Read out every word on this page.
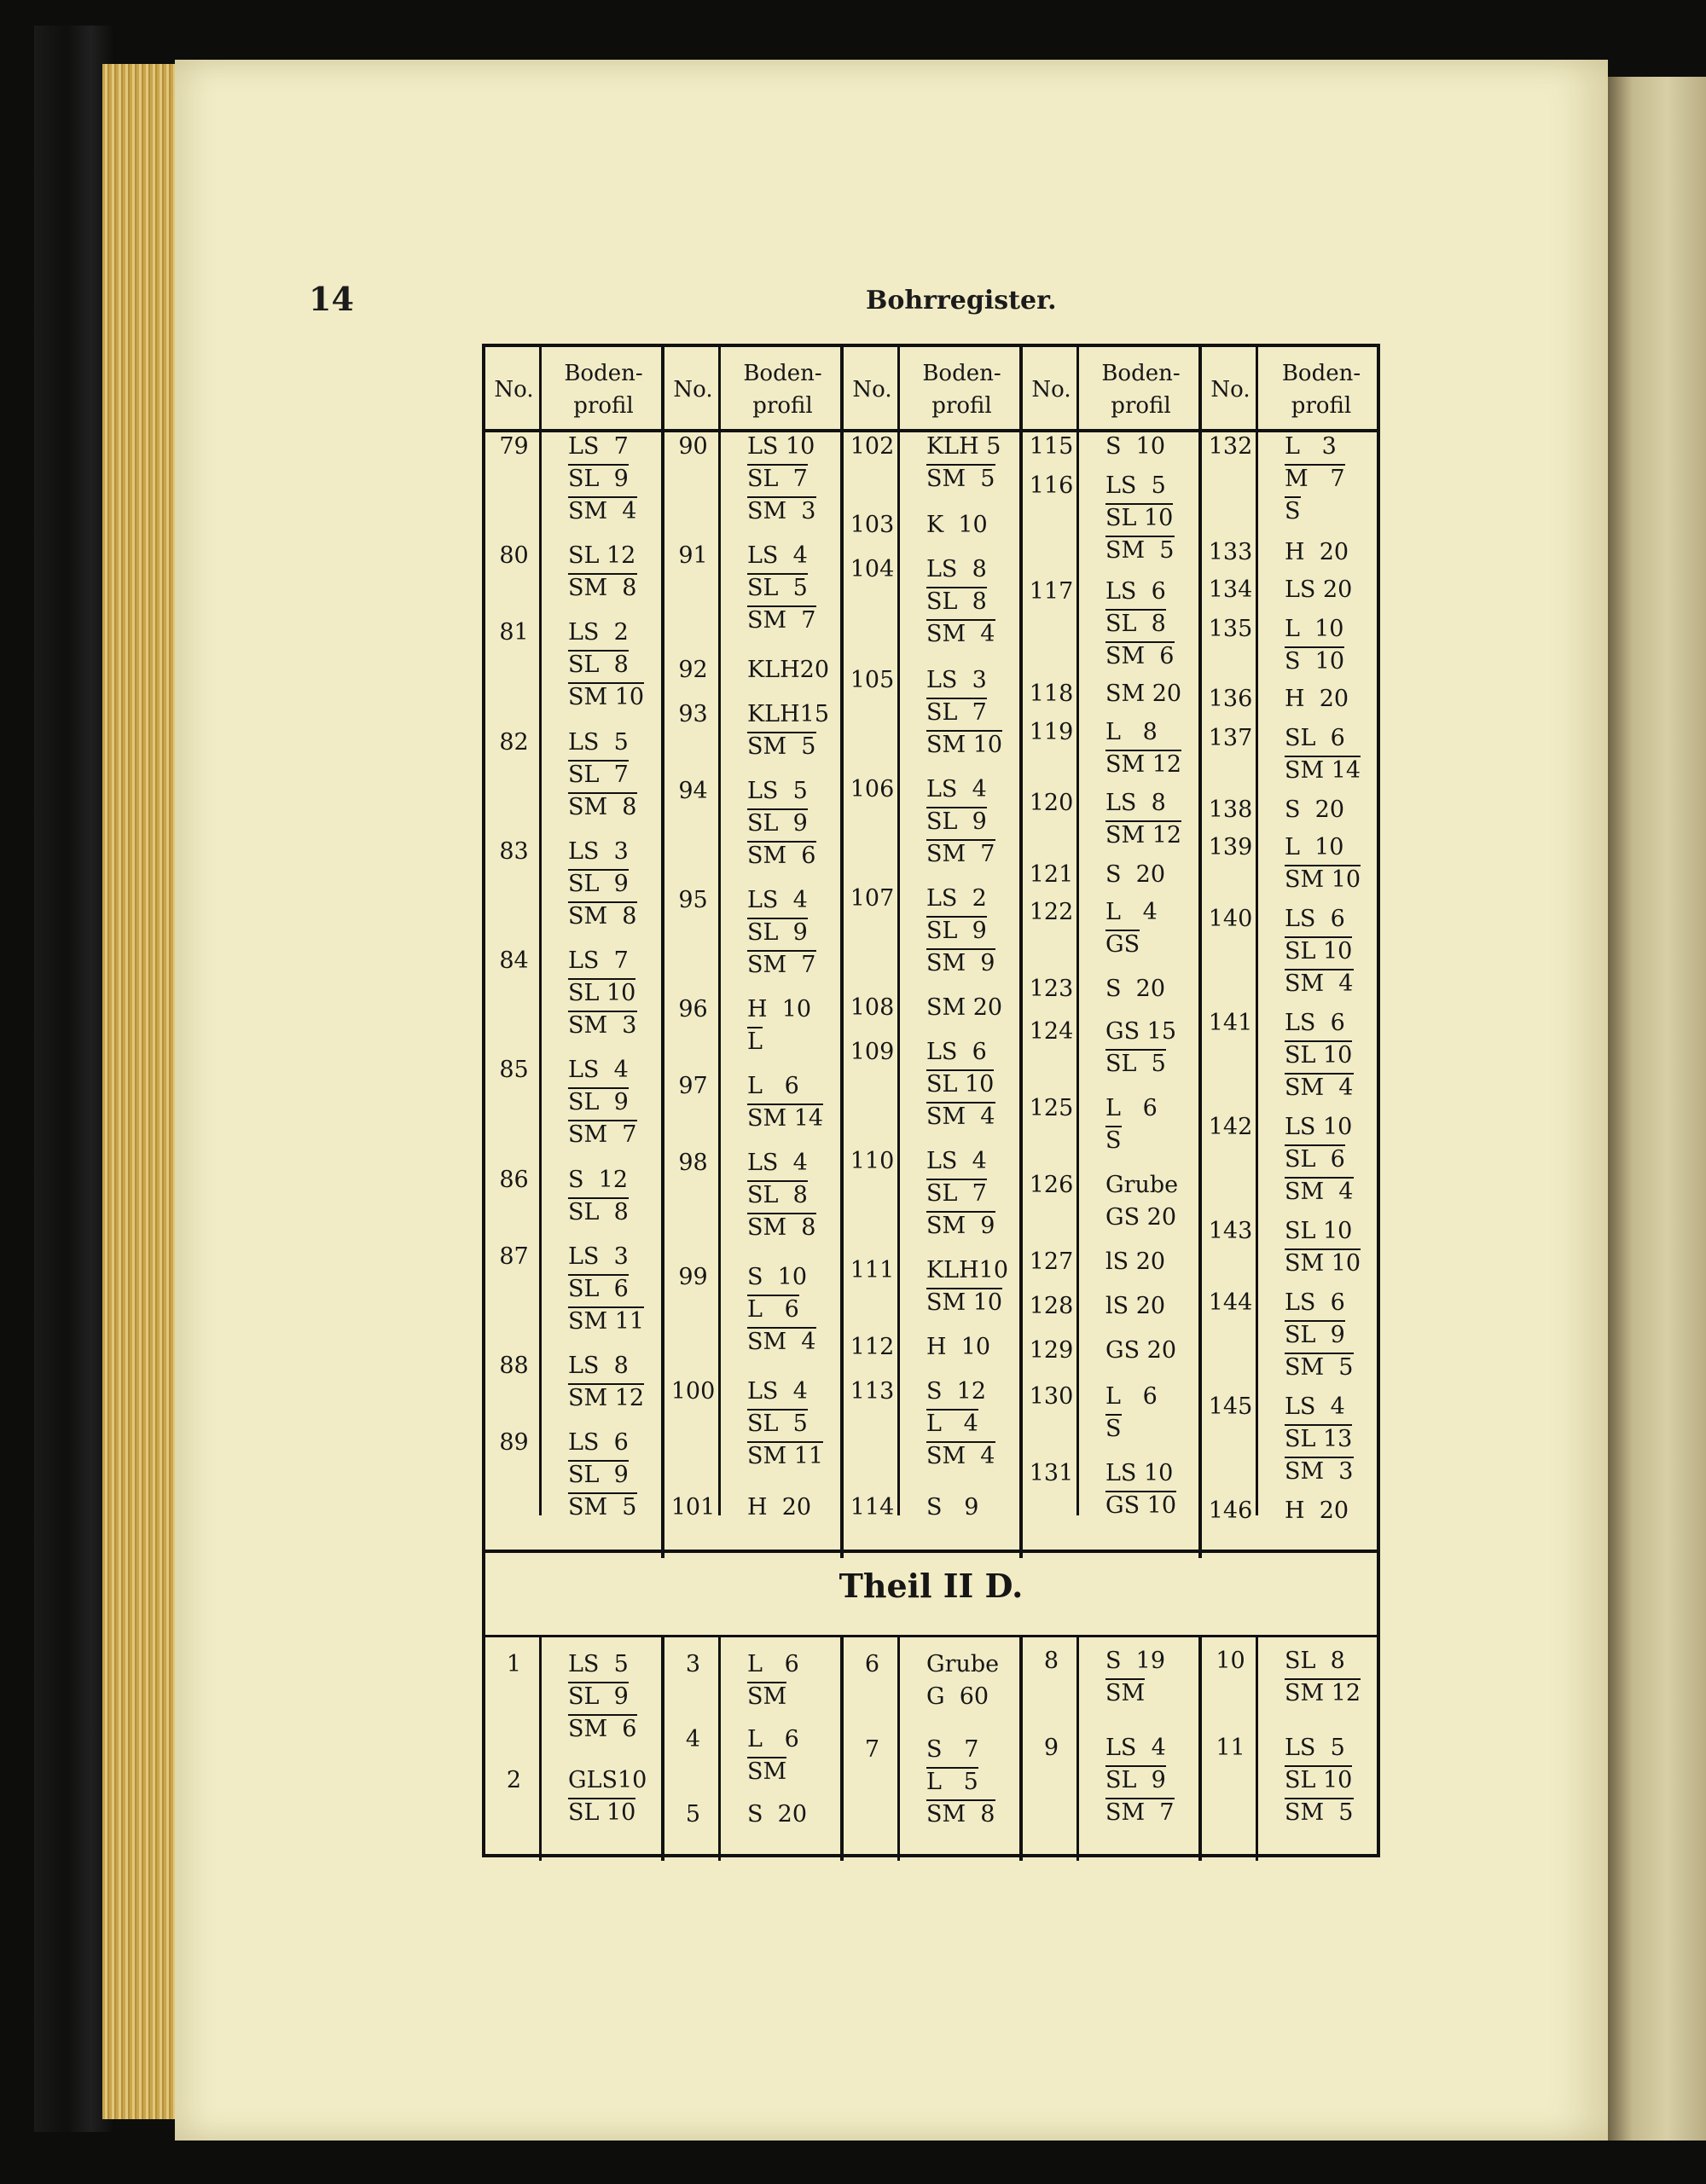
14	Bohrregister.
Theil II D.
No.
Boden-
profil
No.
Boden-
profil
No.
Boden-
profil
No.
Boden-
profil
No.
Boden-
profil
79	LS  7
SL  9
SM  4
80	SL 12
SM  8
81	LS  2
SL  8
SM 10
82	LS  5
SL  7
SM  8
83	LS  3
SL  9
SM  8
84	LS  7
SL 10
SM  3
85	LS  4
SL  9
SM  7
86	S  12
SL  8
87	LS  3
SL  6
SM 11
88	LS  8
SM 12
89	LS  6
SL  9
SM  5
90	LS 10
SL  7
SM  3
91	LS  4
SL  5
SM  7
92	KLH20
93	KLH15
SM  5
94	LS  5
SL  9
SM  6
95	LS  4
SL  9
SM  7
96	H  10
L
97	L   6
SM 14
98	LS  4
SL  8
SM  8
99	S  10
L   6
SM  4
100 LS  4
SL  5
SM 11
101 H  20
102 KLH 5
SM  5
103 K  10
104 LS  8
SL  8
SM  4
105 LS  3
SL  7
SM 10
106 LS  4
SL  9
SM  7
107 LS  2
SL  9
SM  9
108 SM 20
109 LS  6
SL 10
SM  4
110 LS  4
SL  7
SM  9
111 KLH10
SM 10
112 H  10
113 S  12
L   4
SM  4
114 S   9
115 S  10
116 LS  5
SL 10
SM  5
117 LS  6
SL  8
SM  6
118 SM 20
119 L   8
SM 12
120 LS  8
SM 12
121 S  20
122 L   4
GS
123 S  20
124 GS 15
SL  5
125 L   6
S
126 Grube
GS 20
127 lS 20
128 lS 20
129 GS 20
130 L   6
S
131 LS 10
GS 10
132 L   3
M   7
S
133 H  20
134 LS 20
135 L  10
S  10
136 H  20
137 SL  6
SM 14
138 S  20
139 L  10
SM 10
140 LS  6
SL 10
SM  4
141 LS  6
SL 10
SM  4
142 LS 10
SL  6
SM  4
143 SL 10
SM 10
144 LS  6
SL  9
SM  5
145 LS  4
SL 13
SM  3
146 H  20
1	LS  5
SL  9
SM  6
2	GLS10
SL 10
3	L   6
SM
4	L   6
SM
5	S  20
6	Grube
G  60
7	S   7
L   5
SM  8
8	S  19
SM
9	LS  4
SL  9
SM  7
10	SL  8
SM 12
11	LS  5
SL 10
SM  5
